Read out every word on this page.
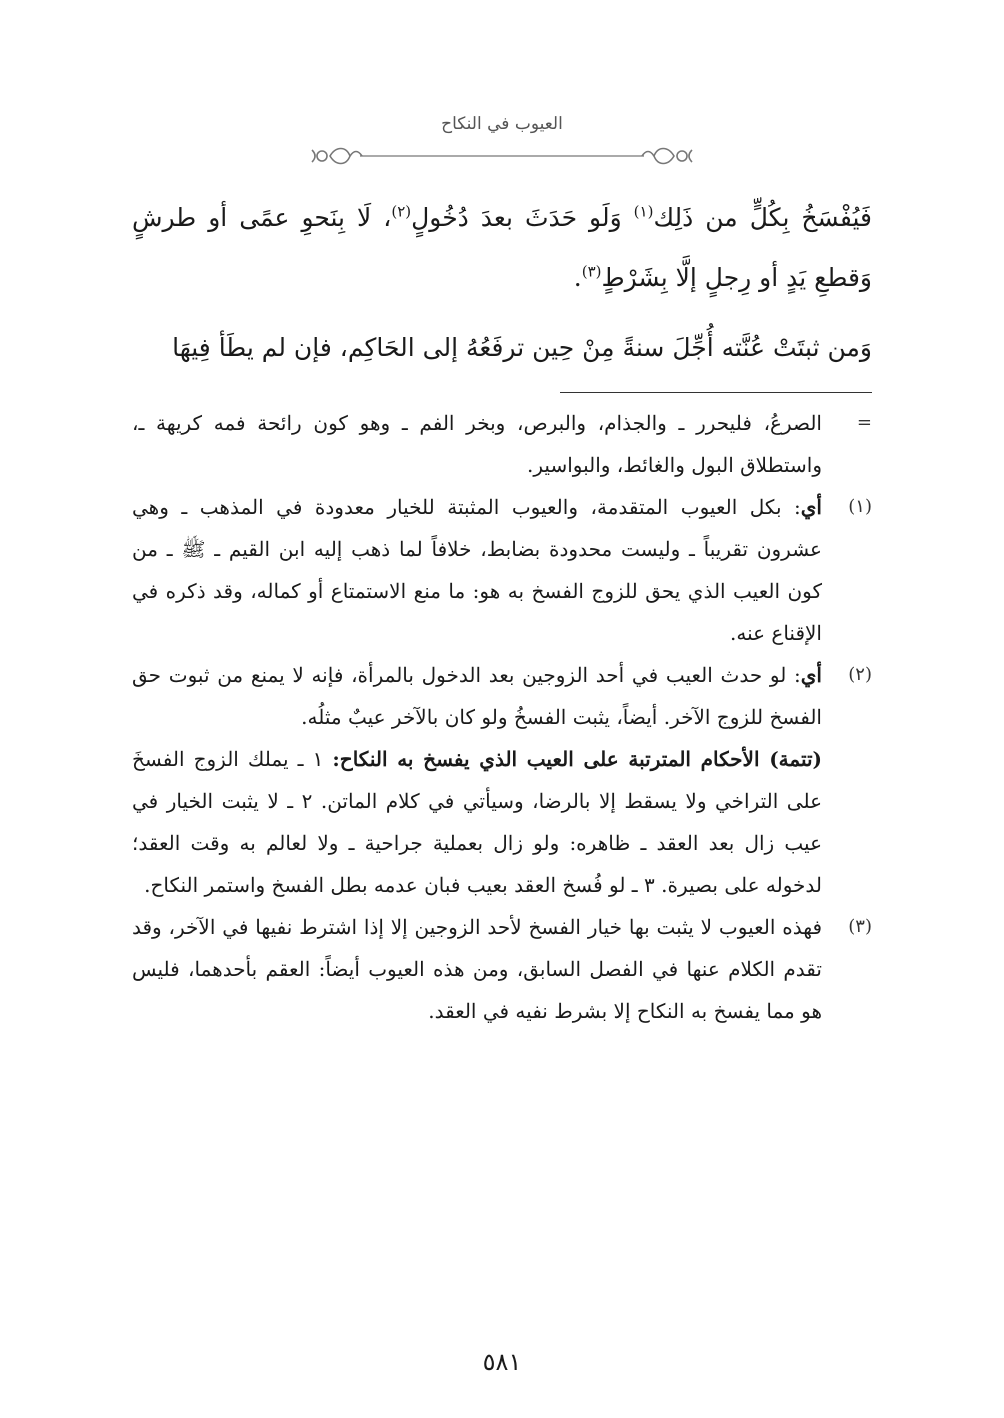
العيوب في النكاح

فَيُفْسَخُ بِكُلٍّ من ذَلِك$^{(١)}$ وَلَو حَدَثَ بعدَ دُخُولٍ$^{(٢)}$، لَا بِنَحوِ عمًى أو طرشٍ وَقطعِ يَدٍ أو رِجلٍ إلَّا بِشَرْطٍ$^{(٣)}$.

وَمن ثبتَتْ عُنَّته أُجِّلَ سنةً مِنْ حِين ترفَعُهُ إلى الحَاكِم، فإن لم يطَأ فِيهَا

=
الصرعُ، فليحرر ـ والجذام، والبرص، وبخر الفم ـ وهو كون رائحة فمه كريهة ـ، واستطلاق البول والغائط، والبواسير.
(١)
أي: بكل العيوب المتقدمة، والعيوب المثبتة للخيار معدودة في المذهب ـ وهي عشرون تقريباً ـ وليست محدودة بضابط، خلافاً لما ذهب إليه ابن القيم ـ ﷺ ـ من كون العيب الذي يحق للزوج الفسخ به هو: ما منع الاستمتاع أو كماله، وقد ذكره في الإقناع عنه.
(٢)
أي: لو حدث العيب في أحد الزوجين بعد الدخول بالمرأة، فإنه لا يمنع من ثبوت حق الفسخ للزوج الآخر. أيضاً، يثبت الفسخُ ولو كان بالآخر عيبٌ مثلُه.
(تتمة) الأحكام المترتبة على العيب الذي يفسخ به النكاح: ١ ـ يملك الزوج الفسخَ على التراخي ولا يسقط إلا بالرضا، وسيأتي في كلام الماتن. ٢ ـ لا يثبت الخيار في عيب زال بعد العقد ـ ظاهره: ولو زال بعملية جراحية ـ ولا لعالم به وقت العقد؛ لدخوله على بصيرة. ٣ ـ لو فُسخ العقد بعيب فبان عدمه بطل الفسخ واستمر النكاح.
(٣)
فهذه العيوب لا يثبت بها خيار الفسخ لأحد الزوجين إلا إذا اشترط نفيها في الآخر، وقد تقدم الكلام عنها في الفصل السابق، ومن هذه العيوب أيضاً: العقم بأحدهما، فليس هو مما يفسخ به النكاح إلا بشرط نفيه في العقد.
٥٨١
